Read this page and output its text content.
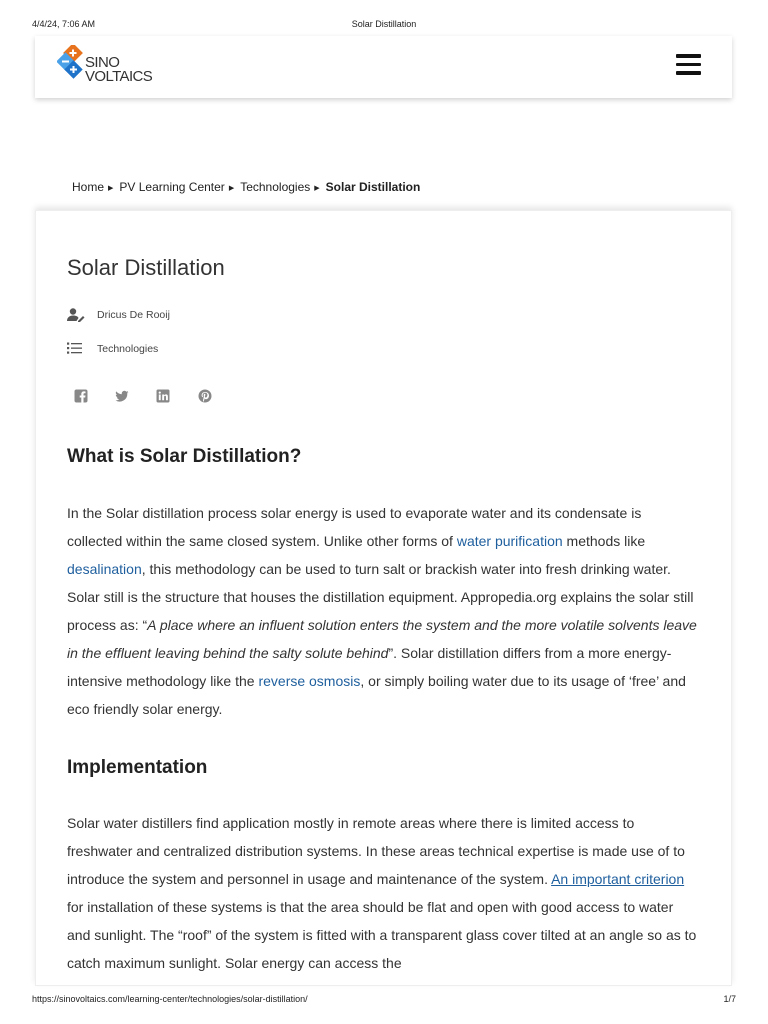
4/4/24, 7:06 AM	Solar Distillation
SINO
VOLTAICS
Home ▶ PV Learning Center ▶ Technologies ▶ Solar Distillation
Solar Distillation
Dricus De Rooij
Technologies
What is Solar Distillation?

In the Solar distillation process solar energy is used to evaporate water and its condensate is collected within the same closed system. Unlike other forms of water purification methods like desalination, this methodology can be used to turn salt or brackish water into fresh drinking water. Solar still is the structure that houses the distillation equipment. Appropedia.org explains the solar still process as: “A place where an influent solution enters the system and the more volatile solvents leave in the effluent leaving behind the salty solute behind”. Solar distillation differs from a more energy-intensive methodology like the reverse osmosis, or simply boiling water due to its usage of ‘free’ and eco friendly solar energy.

Implementation

Solar water distillers find application mostly in remote areas where there is limited access to freshwater and centralized distribution systems. In these areas technical expertise is made use of to introduce the system and personnel in usage and maintenance of the system. An important criterion for installation of these systems is that the area should be flat and open with good access to water and sunlight. The “roof” of the system is fitted with a transparent glass cover tilted at an angle so as to catch maximum sunlight. Solar energy can access the

https://sinovoltaics.com/learning-center/technologies/solar-distillation/	1/7
